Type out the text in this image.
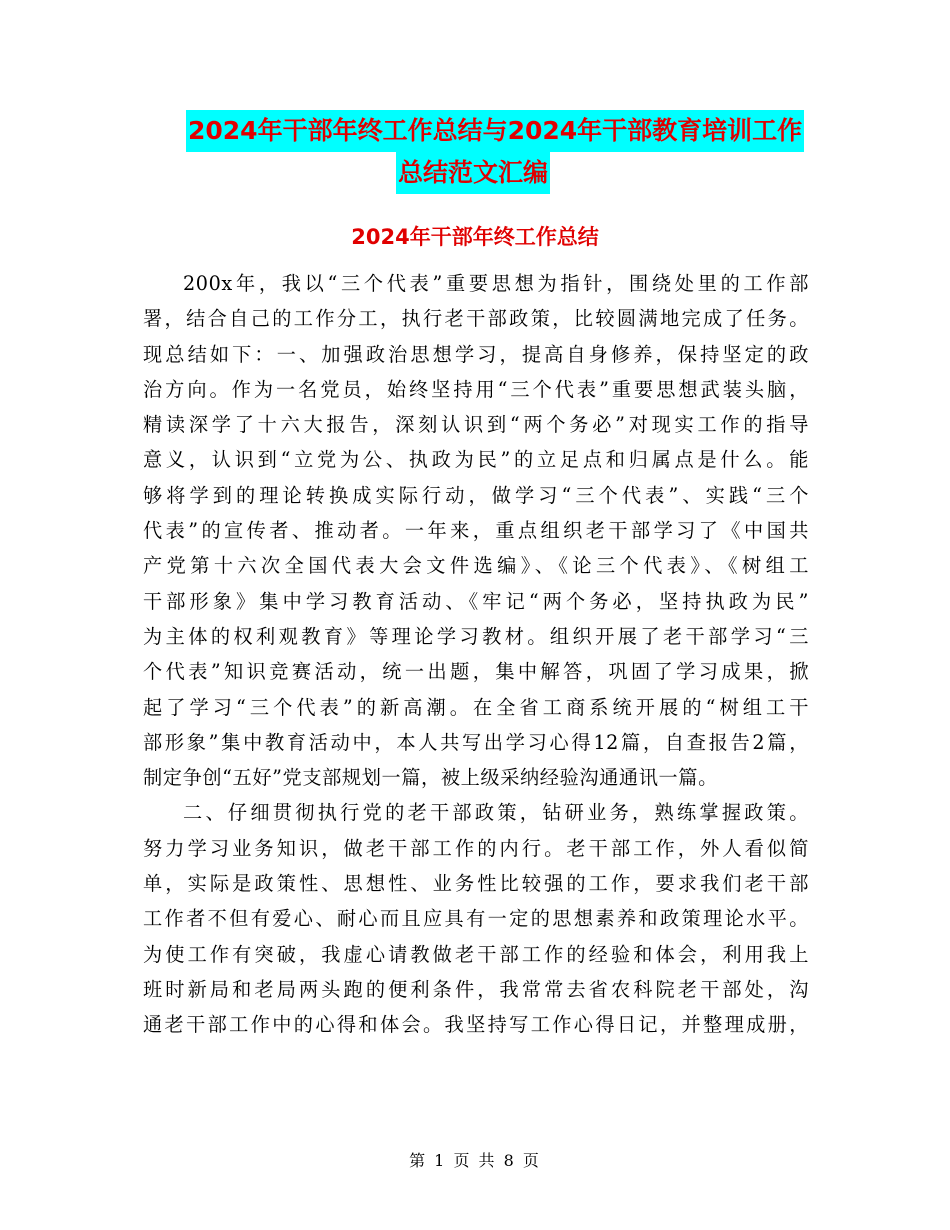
2024年干部年终工作总结与2024年干部教育培训工作
总结范文汇编
2024年干部年终工作总结
200x年，我以“三个代表”重要思想为指针，围绕处里的工作部
署，结合自己的工作分工，执行老干部政策，比较圆满地完成了任务。
现总结如下：一、加强政治思想学习，提高自身修养，保持坚定的政
治方向。作为一名党员，始终坚持用“三个代表”重要思想武装头脑，
精读深学了十六大报告，深刻认识到“两个务必”对现实工作的指导
意义，认识到“立党为公、执政为民”的立足点和归属点是什么。能
够将学到的理论转换成实际行动，做学习“三个代表”、实践“三个
代表”的宣传者、推动者。一年来，重点组织老干部学习了《中国共
产党第十六次全国代表大会文件选编》、《论三个代表》、《树组工
干部形象》集中学习教育活动、《牢记“两个务必，坚持执政为民”
为主体的权利观教育》等理论学习教材。组织开展了老干部学习“三
个代表”知识竞赛活动，统一出题，集中解答，巩固了学习成果，掀
起了学习“三个代表”的新高潮。在全省工商系统开展的“树组工干
部形象”集中教育活动中，本人共写出学习心得12篇，自查报告2篇，
制定争创“五好”党支部规划一篇，被上级采纳经验沟通通讯一篇。
二、仔细贯彻执行党的老干部政策，钻研业务，熟练掌握政策。
努力学习业务知识，做老干部工作的内行。老干部工作，外人看似简
单，实际是政策性、思想性、业务性比较强的工作，要求我们老干部
工作者不但有爱心、耐心而且应具有一定的思想素养和政策理论水平。
为使工作有突破，我虚心请教做老干部工作的经验和体会，利用我上
班时新局和老局两头跑的便利条件，我常常去省农科院老干部处，沟
通老干部工作中的心得和体会。我坚持写工作心得日记，并整理成册，
第 1 页 共 8 页
